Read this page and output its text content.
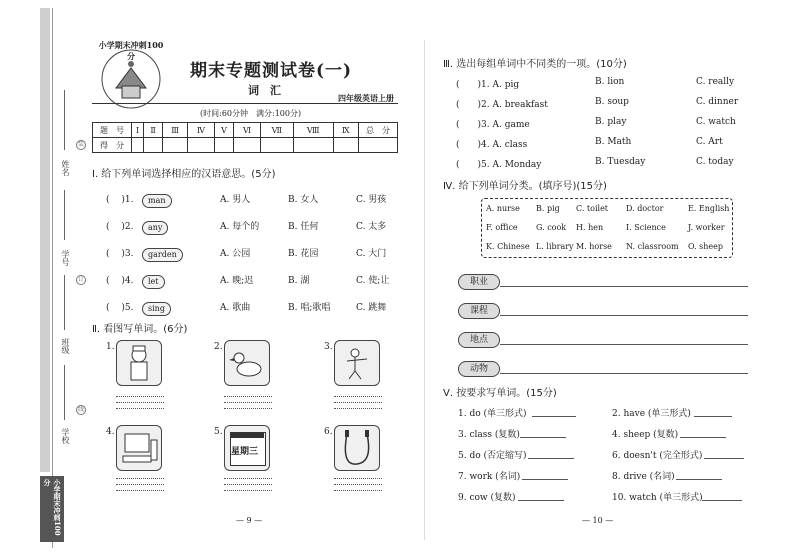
姓名
学号
班级
学校
装
订
线
小学期末冲刺100分
小学期末冲刺100分
期末专题测试卷(一)
词　汇
四年级英语上册
(时间:60分钟　满分:100分)
题　号	Ⅰ	Ⅱ	Ⅲ	Ⅳ	Ⅴ	Ⅵ	Ⅶ	Ⅷ	Ⅸ	总　分
得　分										
Ⅰ. 给下列单词选择相应的汉语意思。(5分)
( 　)1.	man	A. 男人	B. 女人	C. 男孩
( 　)2.	any	A. 每个的	B. 任何	C. 太多
( 　)3.	garden	A. 公园	B. 花园	C. 大门
( 　)4.	let	A. 晚;迟	B. 湖	C. 使;让
( 　)5.	sing	A. 歌曲	B. 唱;歌唱	C. 跳舞
Ⅱ. 看图写单词。(6分)
1.	2.	3.
4.	5.
星期三
6.
— 9 —
Ⅲ. 选出每组单词中不同类的一项。(10分)
(　　)1. A. pig	B. lion	C. really
(　　)2. A. breakfast	B. soup	C. dinner
(　　)3. A. game	B. play	C. watch
(　　)4. A. class	B. Math	C. Art
(　　)5. A. Monday	B. Tuesday	C. today
Ⅳ. 给下列单词分类。(填序号)(15分)
A. nurse B. pig C. toilet D. doctor	E. English
F. office G. cook H. hen	I. Science	J. worker
K. Chinese L. library M. horse N. classroom O. sheep
职业
课程
地点
动物
Ⅴ. 按要求写单词。(15分)
1. do (单三形式)	2. have (单三形式)
3. class (复数)	4. sheep (复数)
5. do (否定缩写)	6. doesn't (完全形式)
7. work (名词)	8. drive (名词)
9. cow (复数)	10. watch (单三形式)
— 10 —
